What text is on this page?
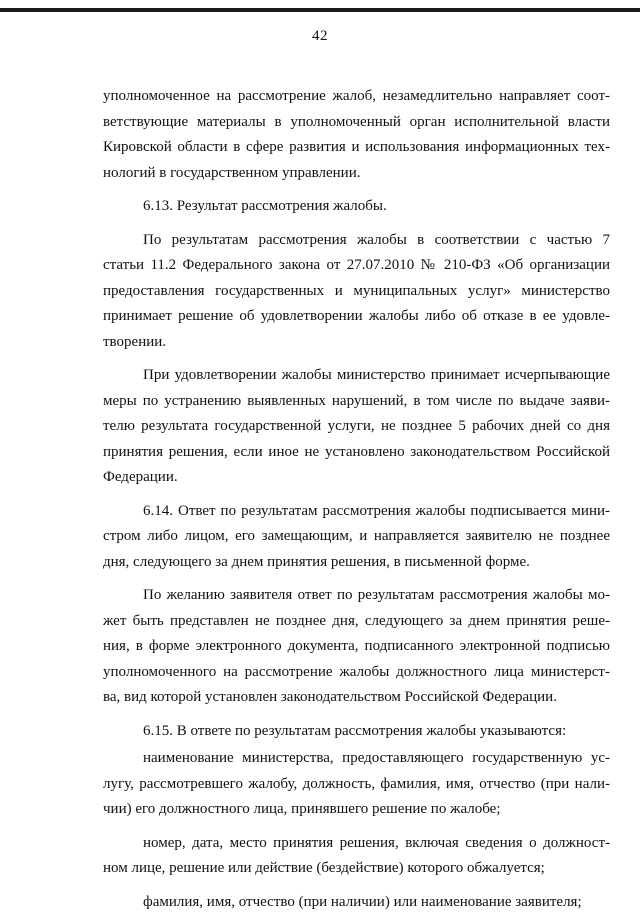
42
уполномоченное на рассмотрение жалоб, незамедлительно направляет соот-
ветствующие материалы в уполномоченный орган исполнительной власти
Кировской области в сфере развития и использования информационных тех-
нологий в государственном управлении.
6.13. Результат рассмотрения жалобы.
По результатам рассмотрения жалобы в соответствии с частью 7
статьи 11.2 Федерального закона от 27.07.2010 № 210-ФЗ «Об организации
предоставления государственных и муниципальных услуг» министерство
принимает решение об удовлетворении жалобы либо об отказе в ее удовле-
творении.
При удовлетворении жалобы министерство принимает исчерпывающие
меры по устранению выявленных нарушений, в том числе по выдаче заяви-
телю результата государственной услуги, не позднее 5 рабочих дней со дня
принятия решения, если иное не установлено законодательством Российской
Федерации.
6.14. Ответ по результатам рассмотрения жалобы подписывается мини-
стром либо лицом, его замещающим, и направляется заявителю не позднее
дня, следующего за днем принятия решения, в письменной форме.
По желанию заявителя ответ по результатам рассмотрения жалобы мо-
жет быть представлен не позднее дня, следующего за днем принятия реше-
ния, в форме электронного документа, подписанного электронной подписью
уполномоченного на рассмотрение жалобы должностного лица министерст-
ва, вид которой установлен законодательством Российской Федерации.
6.15. В ответе по результатам рассмотрения жалобы указываются:
наименование министерства, предоставляющего государственную ус-
лугу, рассмотревшего жалобу, должность, фамилия, имя, отчество (при нали-
чии) его должностного лица, принявшего решение по жалобе;
номер, дата, место принятия решения, включая сведения о должност-
ном лице, решение или действие (бездействие) которого обжалуется;
фамилия, имя, отчество (при наличии) или наименование заявителя;
